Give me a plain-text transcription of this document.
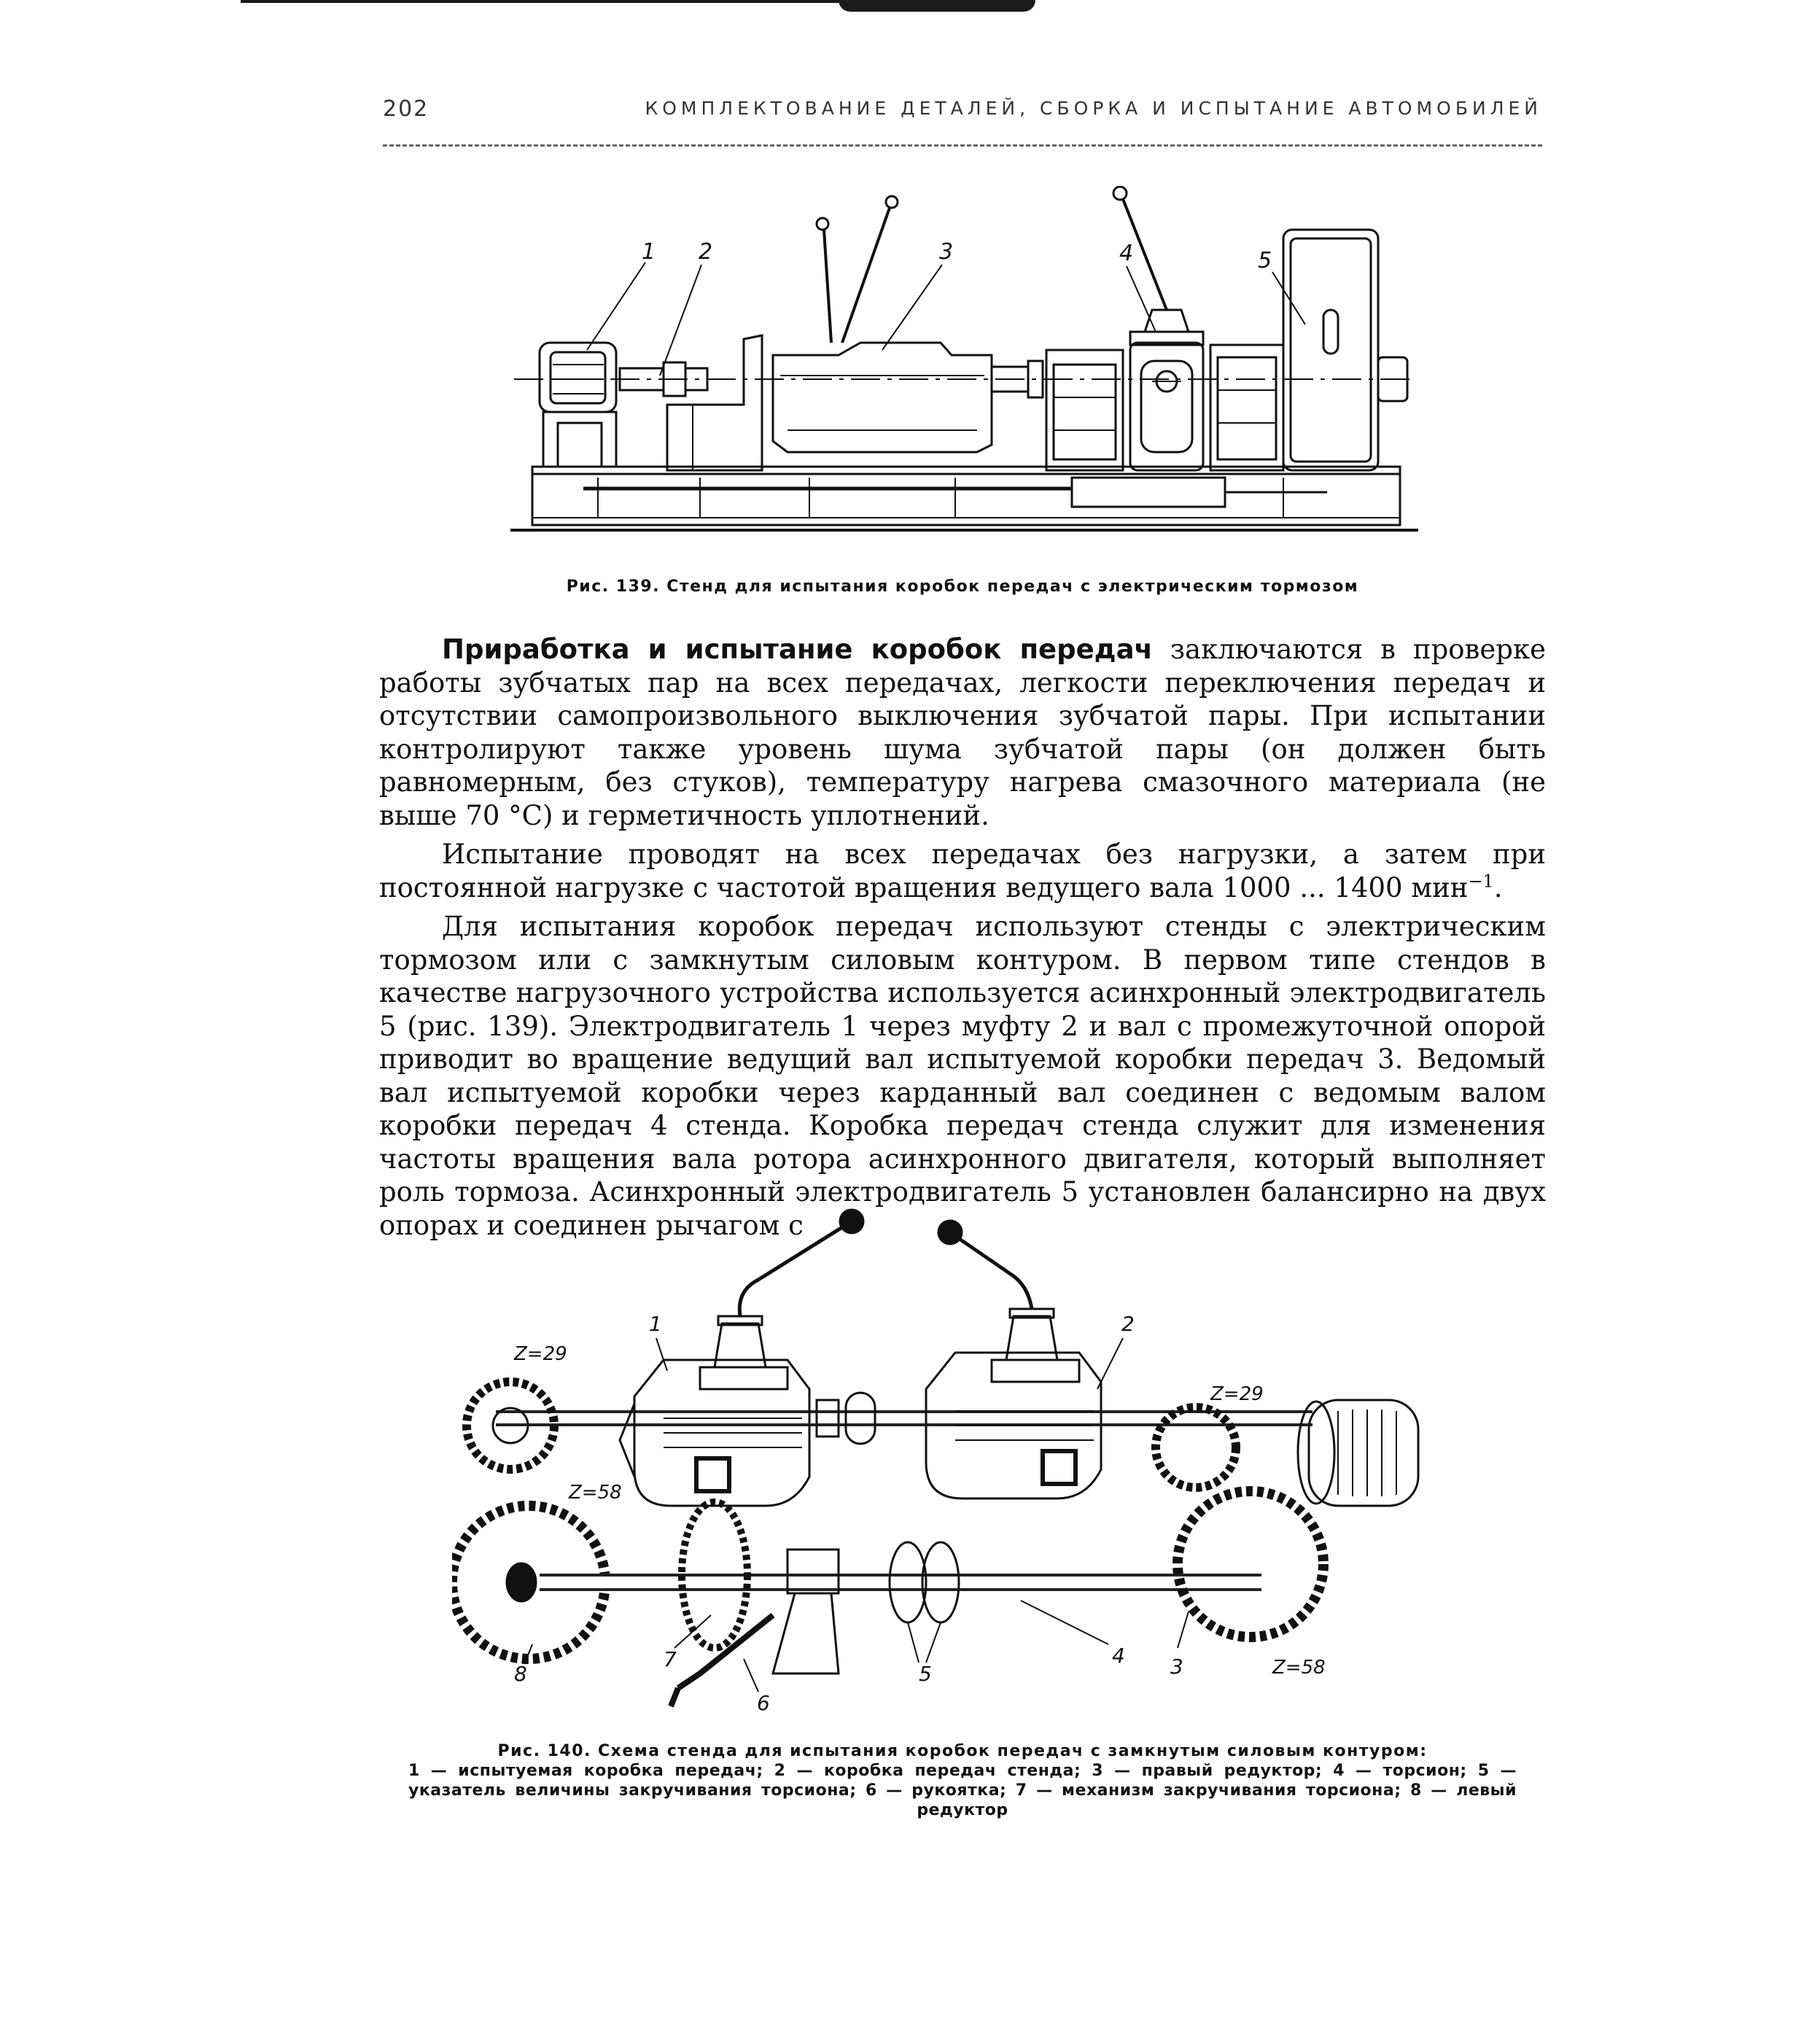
202	КОМПЛЕКТОВАНИЕ ДЕТАЛЕЙ, СБОРКА И ИСПЫТАНИЕ АВТОМОБИЛЕЙ
1 2	3	4	5
Рис. 139. Стенд для испытания коробок передач с электрическим тормозом

Приработка и испытание коробок передач заключаются в проверке работы зубчатых пар на всех передачах, легкости переключения передач и отсутствии самопроизвольного выключения зубчатой пары. При испытании контролируют также уровень шума зубчатой пары (он должен быть равномерным, без стуков), температуру нагрева смазочного материала (не выше 70 °С) и герметичность уплотнений.

Испытание проводят на всех передачах без нагрузки, а затем при постоянной нагрузке с частотой вращения ведущего вала 1000 ... 1400 мин$^{-1}$.

Для испытания коробок передач используют стенды с электрическим тормозом или с замкнутым силовым контуром. В первом типе стендов в качестве нагрузочного устройства используется асинхронный электродвигатель 5 (рис. 139). Электродвигатель 1 через муфту 2 и вал с промежуточной опорой приводит во вращение ведущий вал испытуемой коробки передач 3. Ведомый вал испытуемой коробки через карданный вал соединен с ведомым валом коробки передач 4 стенда. Коробка передач стенда служит для изменения частоты вращения вала ротора асинхронного двигателя, который выполняет роль тормоза. Асинхронный электродвигатель 5 установлен балансирно на двух опорах и соединен рычагом с

1	2
3
4
5
6
7
8
Z=29
Z=58
Z=29
Z=58
Рис. 140. Схема стенда для испытания коробок передач с замкнутым силовым контуром:
1 — испытуемая коробка передач; 2 — коробка передач стенда; 3 — правый редуктор; 4 — торсион; 5 — указатель величины закручивания торсиона; 6 — рукоятка; 7 — механизм закручивания торсиона; 8 — левый редуктор
